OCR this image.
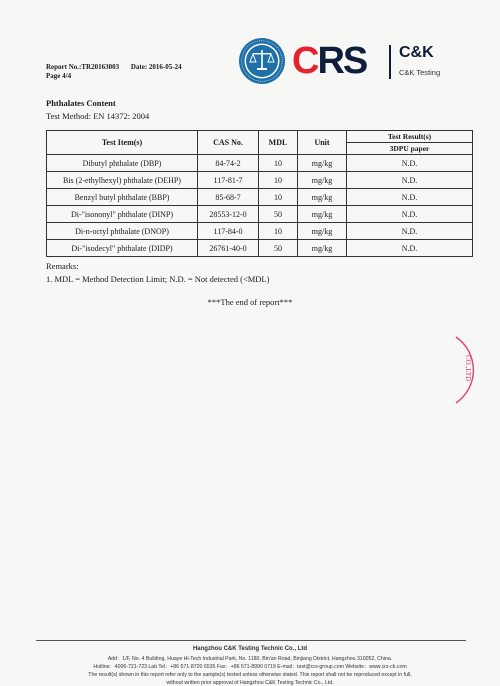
Report No.:TR20163003 Date: 2016-05-24
Page 4/4	CRS C&K
C&K Testing
Phthalates Content
Test Method: EN 14372: 2004
Test Item(s)	CAS No.	MDL	Unit	Test Result(s)
				3DPU paper
Dibutyl phthalate (DBP)	84-74-2	10	mg/kg	N.D.
Bis (2-ethylhexyl) phthalate (DEHP)	117-81-7	10	mg/kg	N.D.
Benzyl butyl phthalate (BBP)	85-68-7	10	mg/kg	N.D.
Di-"isononyl" phthalate (DINP)	28553-12-0	50	mg/kg	N.D.
Di-n-octyl phthalate (DNOP)	117-84-0	10	mg/kg	N.D.
Di-"isodecyl" phthalate (DIDP)	26761-40-0	50	mg/kg	N.D.
Remarks:
1. MDL = Method Detection Limit; N.D. = Not detected (<MDL)
***The end of report***
CO.,LTD
Hangzhou C&K Testing Technic Co., Ltd
Add：1/F, No. 4 Building, Huaye Hi-Tech Industrial Park, No. 1180, Bin'an Road, Binjiang District, Hangzhou 310052, China.
Hotline：4006-721-723 Lab Tel：+86 571-8720 6535 Fax：+86 571-8990 0719 E-mail：test@crs-group.com Website：www.crs-ck.com
The result(s) shown in this report refer only to the sample(s) tested unless otherwise stated. This report shall not be reproduced except in full,
without written prior approval of Hangzhou C&K Testing Technic Co., Ltd.
